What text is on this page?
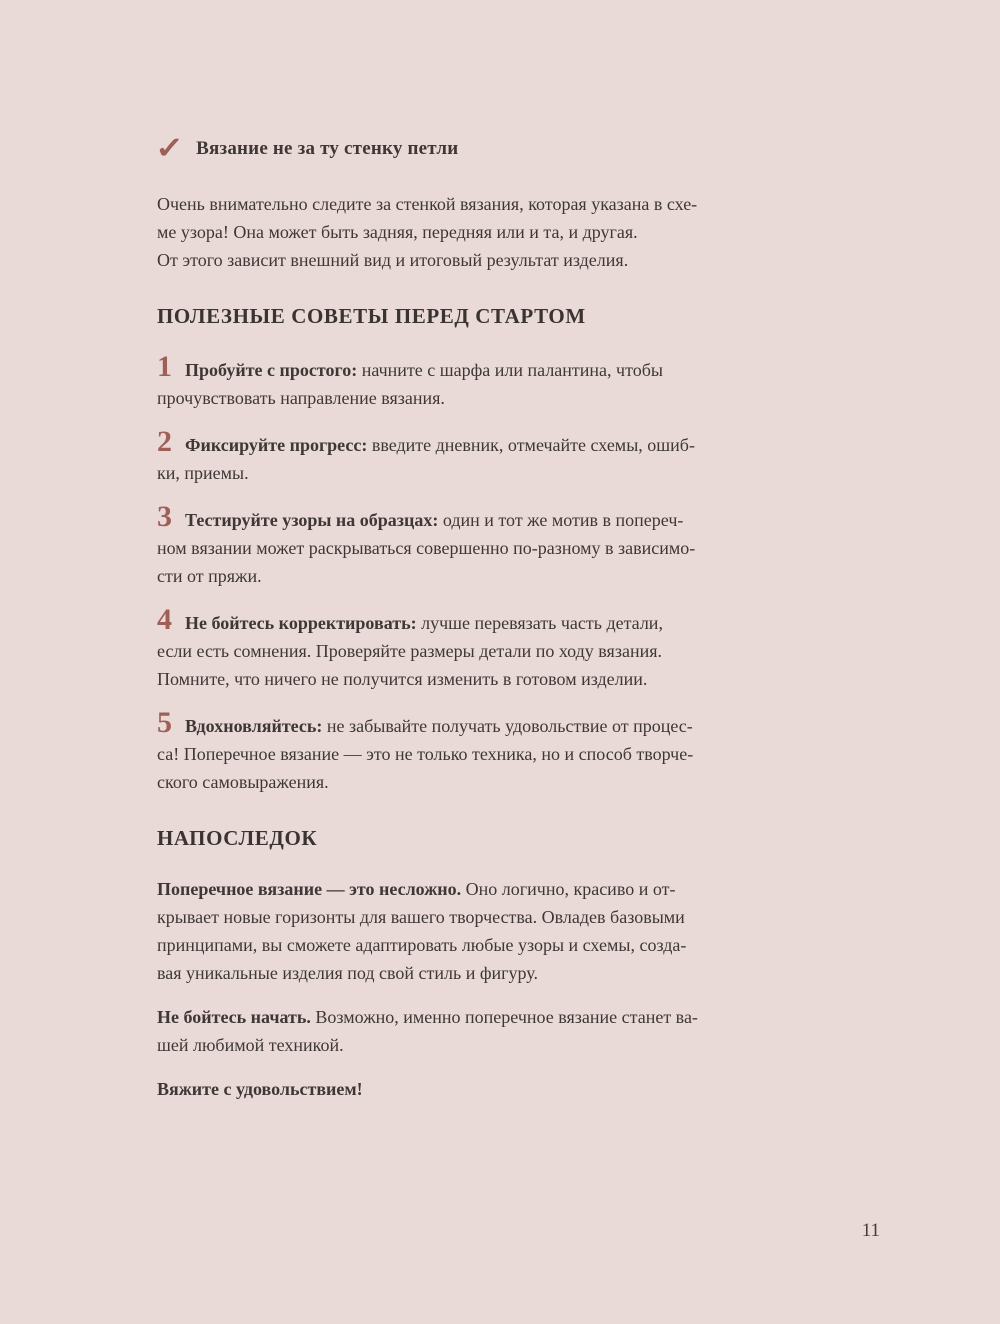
✓ Вязание не за ту стенку петли
Очень внимательно следите за стенкой вязания, которая указана в схе-
ме узора! Она может быть задняя, передняя или и та, и другая.
От этого зависит внешний вид и итоговый результат изделия.
ПОЛЕЗНЫЕ СОВЕТЫ ПЕРЕД СТАРТОМ
1 Пробуйте с простого: начните с шарфа или палантина, чтобы
прочувствовать направление вязания.
2 Фиксируйте прогресс: введите дневник, отмечайте схемы, ошиб-
ки, приемы.
3 Тестируйте узоры на образцах: один и тот же мотив в попереч-
ном вязании может раскрываться совершенно по-разному в зависимо-
сти от пряжи.
4 Не бойтесь корректировать: лучше перевязать часть детали,
если есть сомнения. Проверяйте размеры детали по ходу вязания.
Помните, что ничего не получится изменить в готовом изделии.
5 Вдохновляйтесь: не забывайте получать удовольствие от процес-
са! Поперечное вязание — это не только техника, но и способ творче-
ского самовыражения.
НАПОСЛЕДОК
Поперечное вязание — это несложно. Оно логично, красиво и от-
крывает новые горизонты для вашего творчества. Овладев базовыми
принципами, вы сможете адаптировать любые узоры и схемы, созда-
вая уникальные изделия под свой стиль и фигуру.
Не бойтесь начать. Возможно, именно поперечное вязание станет ва-
шей любимой техникой.
Вяжите с удовольствием!
11
